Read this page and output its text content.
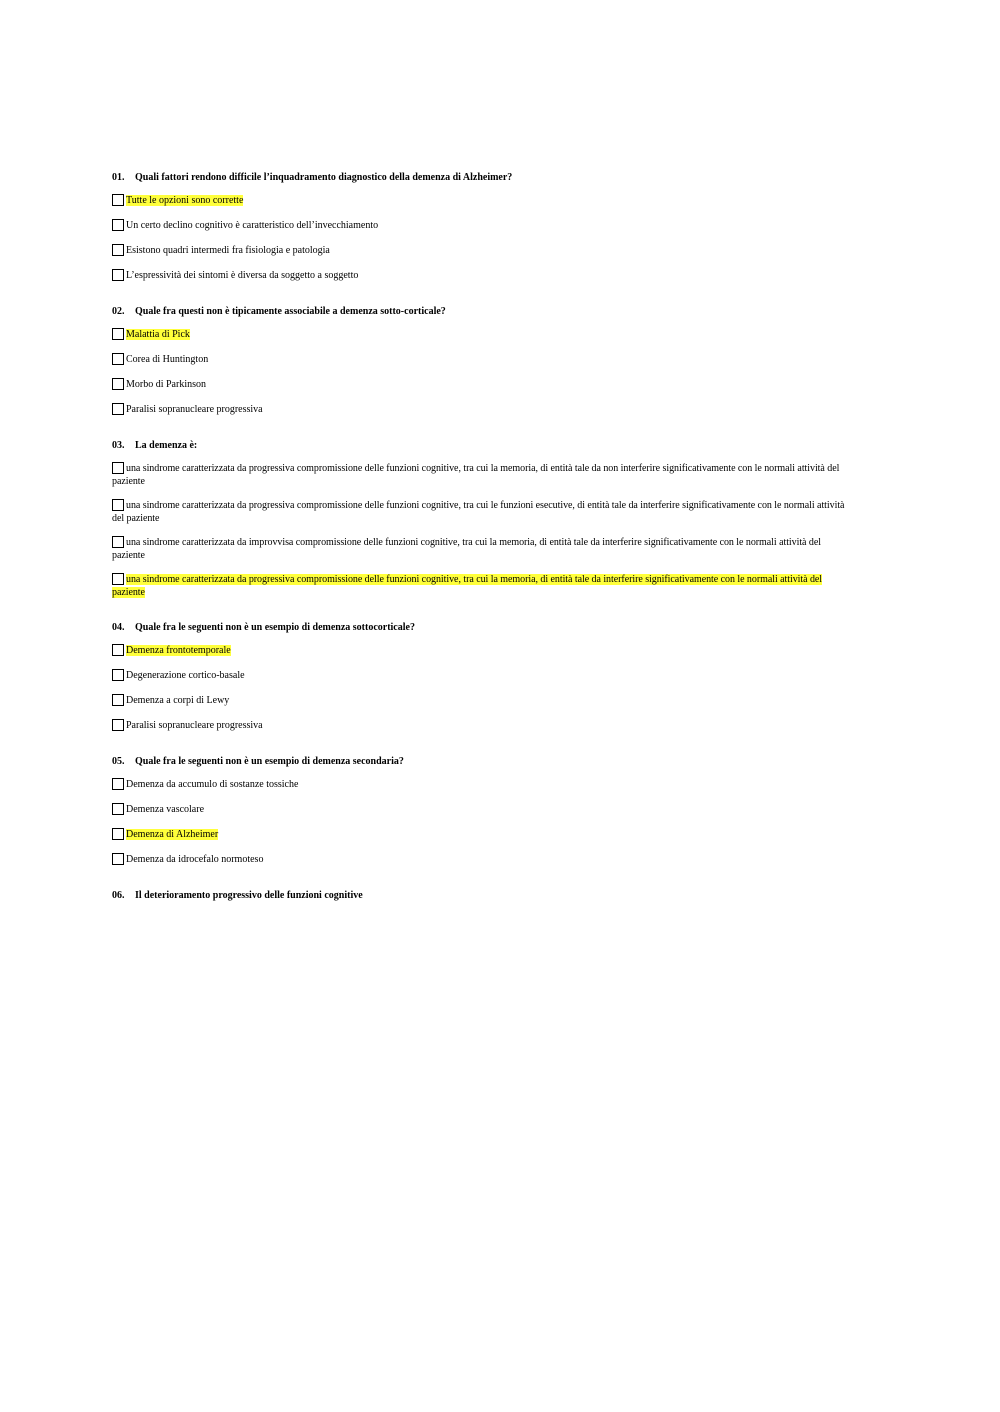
01. Quali fattori rendono difficile l’inquadramento diagnostico della demenza di Alzheimer?
Tutte le opzioni sono corrette
Un certo declino cognitivo è caratteristico dell’invecchiamento
Esistono quadri intermedi fra fisiologia e patologia
L’espressività dei sintomi è diversa da soggetto a soggetto
02. Quale fra questi non è tipicamente associabile a demenza sotto-corticale?
Malattia di Pick
Corea di Huntington
Morbo di Parkinson
Paralisi sopranucleare progressiva
03. La demenza è:
una sindrome caratterizzata da progressiva compromissione delle funzioni cognitive, tra cui la memoria, di entità tale da non interferire significativamente con le normali attività del paziente
una sindrome caratterizzata da progressiva compromissione delle funzioni cognitive, tra cui le funzioni esecutive, di entità tale da interferire significativamente con le normali attività del paziente
una sindrome caratterizzata da improvvisa compromissione delle funzioni cognitive, tra cui la memoria, di entità tale da interferire significativamente con le normali attività del paziente
una sindrome caratterizzata da progressiva compromissione delle funzioni cognitive, tra cui la memoria, di entità tale da interferire significativamente con le normali attività del paziente
04. Quale fra le seguenti non è un esempio di demenza sottocorticale?
Demenza frontotemporale
Degenerazione cortico-basale
Demenza a corpi di Lewy
Paralisi sopranucleare progressiva
05. Quale fra le seguenti non è un esempio di demenza secondaria?
Demenza da accumulo di sostanze tossiche
Demenza vascolare
Demenza di Alzheimer
Demenza da idrocefalo normoteso
06. Il deterioramento progressivo delle funzioni cognitive
